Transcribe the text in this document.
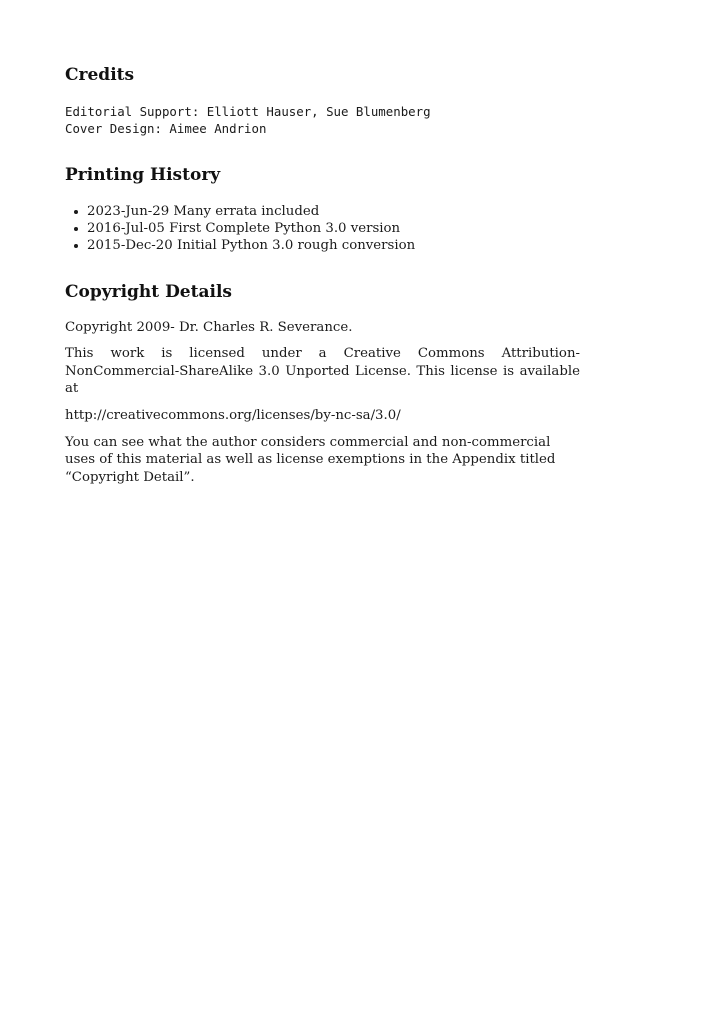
Credits
Editorial Support: Elliott Hauser, Sue Blumenberg
Cover Design: Aimee Andrion
Printing History
2023-Jun-29 Many errata included
2016-Jul-05 First Complete Python 3.0 version
2015-Dec-20 Initial Python 3.0 rough conversion
Copyright Details

Copyright 2009- Dr. Charles R. Severance.

This work is licensed under a Creative Commons Attribution-NonCommercial-ShareAlike 3.0 Unported License. This license is available at

http://creativecommons.org/licenses/by-nc-sa/3.0/

You can see what the author considers commercial and non-commercial uses of this material as well as license exemptions in the Appendix titled “Copyright Detail”.
